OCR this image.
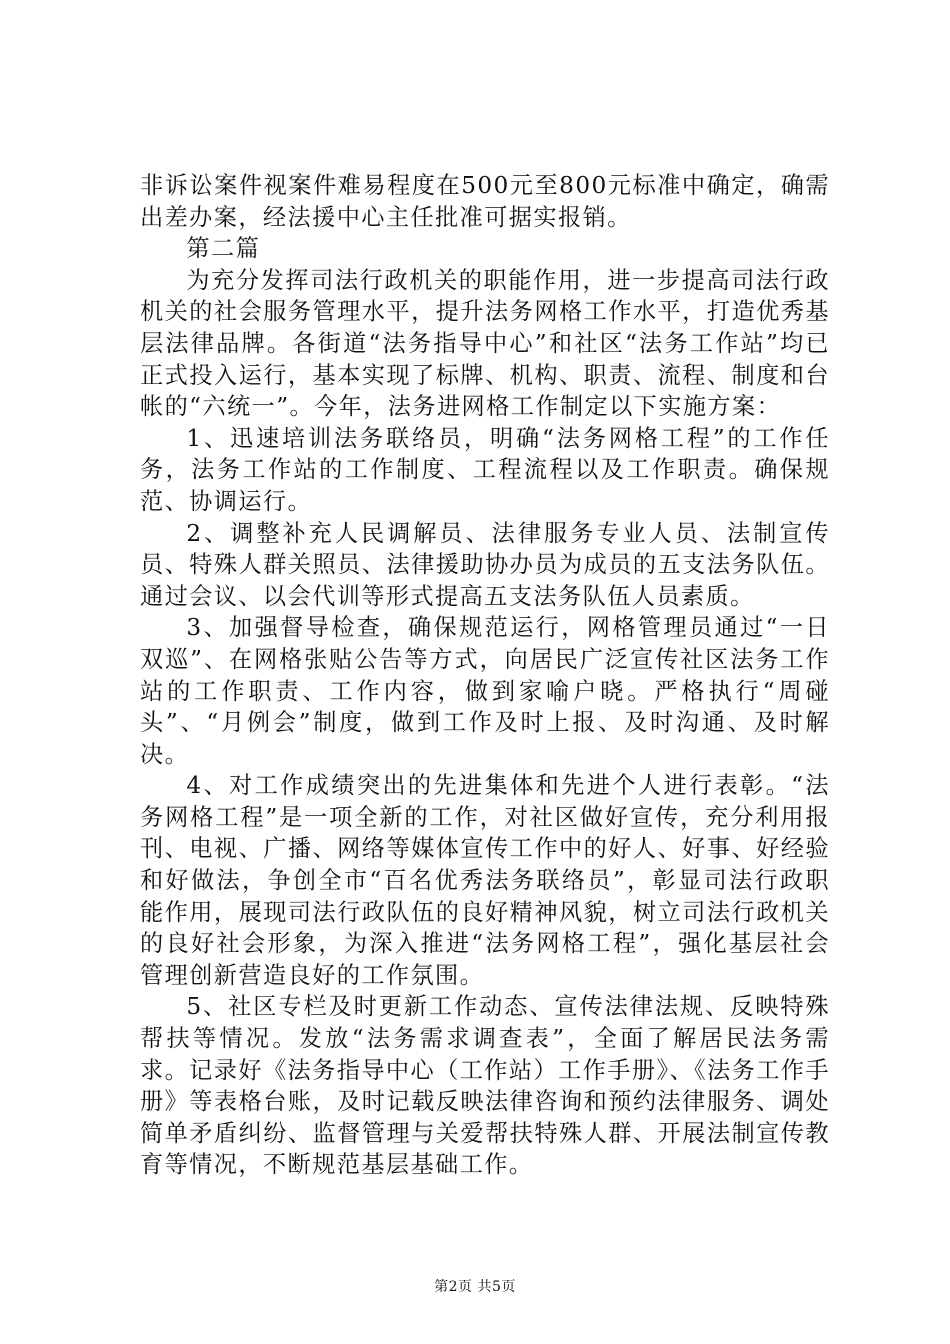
非诉讼案件视案件难易程度在500元至800元标准中确定，确需出差办案，经法援中心主任批准可据实报销。

第二篇

为充分发挥司法行政机关的职能作用，进一步提高司法行政机关的社会服务管理水平，提升法务网格工作水平，打造优秀基层法律品牌。各街道“法务指导中心”和社区“法务工作站”均已正式投入运行，基本实现了标牌、机构、职责、流程、制度和台帐的“六统一”。今年，法务进网格工作制定以下实施方案：

1、迅速培训法务联络员，明确“法务网格工程”的工作任务，法务工作站的工作制度、工程流程以及工作职责。确保规范、协调运行。

2、调整补充人民调解员、法律服务专业人员、法制宣传员、特殊人群关照员、法律援助协办员为成员的五支法务队伍。通过会议、以会代训等形式提高五支法务队伍人员素质。

3、加强督导检查，确保规范运行，网格管理员通过“一日双巡”、在网格张贴公告等方式，向居民广泛宣传社区法务工作站的工作职责、工作内容，做到家喻户晓。严格执行“周碰头”、“月例会”制度，做到工作及时上报、及时沟通、及时解决。

4、对工作成绩突出的先进集体和先进个人进行表彰。“法务网格工程”是一项全新的工作，对社区做好宣传，充分利用报刊、电视、广播、网络等媒体宣传工作中的好人、好事、好经验和好做法，争创全市“百名优秀法务联络员”，彰显司法行政职能作用，展现司法行政队伍的良好精神风貌，树立司法行政机关的良好社会形象，为深入推进“法务网格工程”，强化基层社会管理创新营造良好的工作氛围。

5、社区专栏及时更新工作动态、宣传法律法规、反映特殊帮扶等情况。发放“法务需求调查表”，全面了解居民法务需求。记录好《法务指导中心（工作站）工作手册》、《法务工作手册》等表格台账，及时记载反映法律咨询和预约法律服务、调处简单矛盾纠纷、监督管理与关爱帮扶特殊人群、开展法制宣传教育等情况，不断规范基层基础工作。

第2页 共5页
